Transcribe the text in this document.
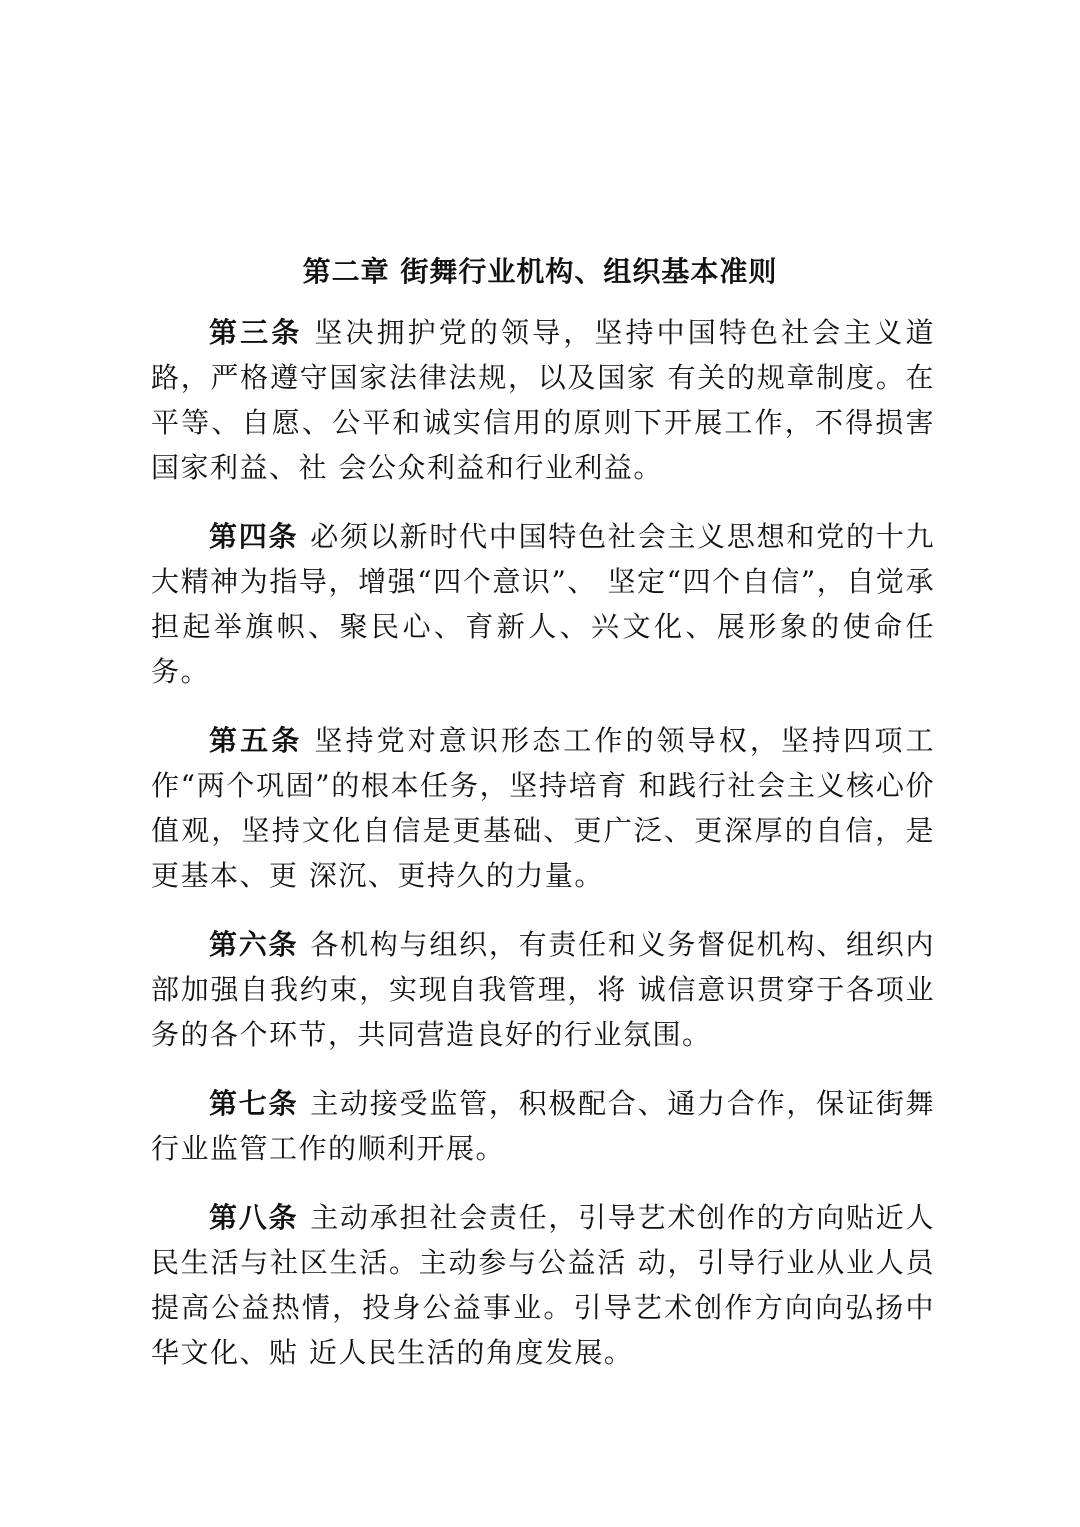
第二章 街舞行业机构、组织基本准则

第三条 坚决拥护党的领导，坚持中国特色社会主义道路，严格遵守国家法律法规，以及国家 有关的规章制度。在平等、自愿、公平和诚实信用的原则下开展工作，不得损害国家利益、社 会公众利益和行业利益。

第四条 必须以新时代中国特色社会主义思想和党的十九大精神为指导，增强“四个意识”、 坚定“四个自信”，自觉承担起举旗帜、聚民心、育新人、兴文化、展形象的使命任务。

第五条 坚持党对意识形态工作的领导权，坚持四项工作“两个巩固”的根本任务，坚持培育 和践行社会主义核心价值观，坚持文化自信是更基础、更广泛、更深厚的自信，是更基本、更 深沉、更持久的力量。

第六条 各机构与组织，有责任和义务督促机构、组织内部加强自我约束，实现自我管理，将 诚信意识贯穿于各项业务的各个环节，共同营造良好的行业氛围。

第七条 主动接受监管，积极配合、通力合作，保证街舞行业监管工作的顺利开展。

第八条 主动承担社会责任，引导艺术创作的方向贴近人民生活与社区生活。主动参与公益活 动，引导行业从业人员提高公益热情，投身公益事业。引导艺术创作方向向弘扬中华文化、贴 近人民生活的角度发展。
